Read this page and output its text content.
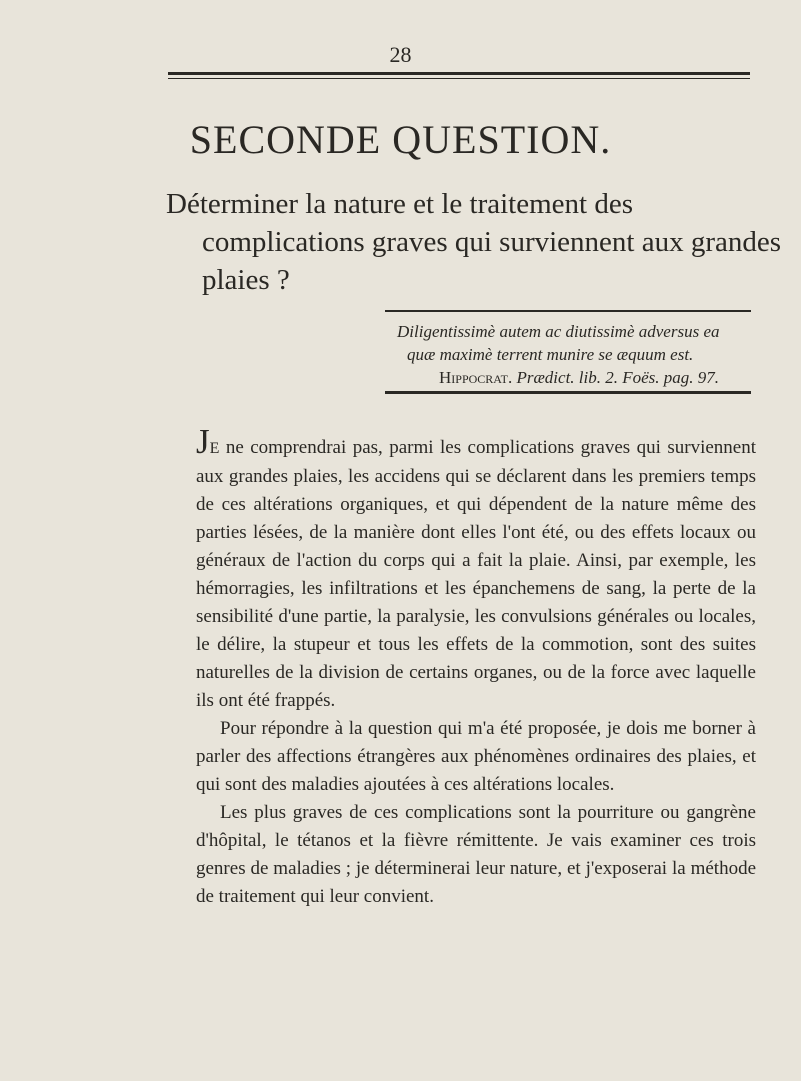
28
SECONDE QUESTION.
Déterminer la nature et le traitement des complications graves qui surviennent aux grandes plaies ?
Diligentissimè autem ac diutissimè adversus ea
quæ maximè terrent munire se æquum est.
Hippocrat. Prædict. lib. 2. Foës. pag. 97.

JE ne comprendrai pas, parmi les complications graves qui surviennent aux grandes plaies, les accidens qui se déclarent dans les premiers temps de ces altérations organiques, et qui dépendent de la nature même des parties lésées, de la manière dont elles l'ont été, ou des effets locaux ou généraux de l'action du corps qui a fait la plaie. Ainsi, par exemple, les hémorragies, les infiltrations et les épanchemens de sang, la perte de la sensibilité d'une partie, la paralysie, les convulsions générales ou locales, le délire, la stupeur et tous les effets de la commotion, sont des suites naturelles de la division de certains organes, ou de la force avec laquelle ils ont été frappés.

Pour répondre à la question qui m'a été proposée, je dois me borner à parler des affections étrangères aux phénomènes ordinaires des plaies, et qui sont des maladies ajoutées à ces altérations locales.

Les plus graves de ces complications sont la pourriture ou gangrène d'hôpital, le tétanos et la fièvre rémittente. Je vais examiner ces trois genres de maladies ; je déterminerai leur nature, et j'exposerai la méthode de traitement qui leur convient.
